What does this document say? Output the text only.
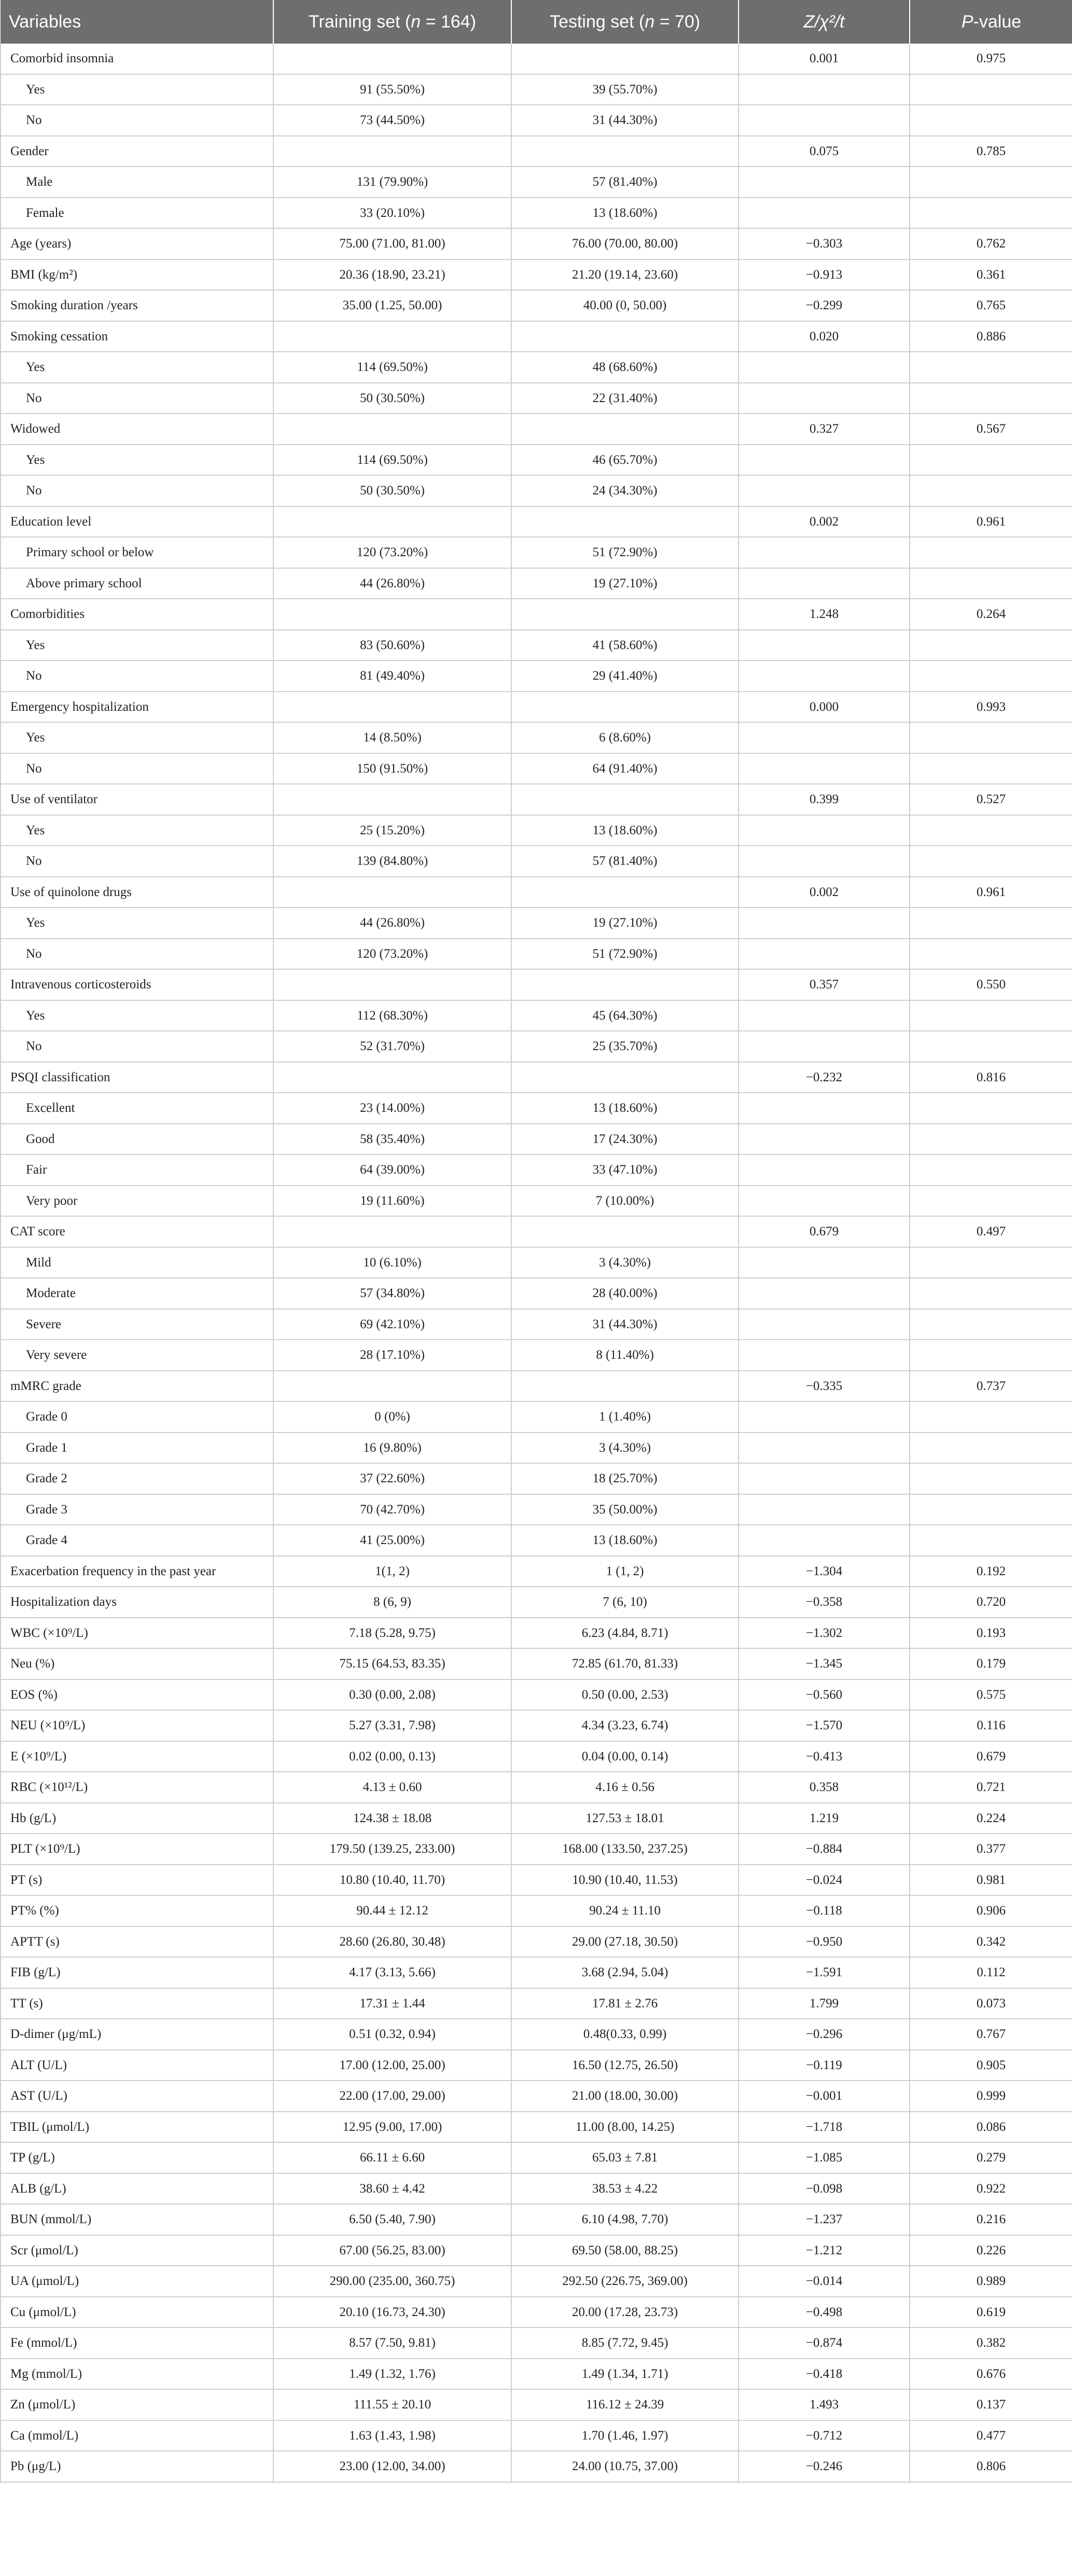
Variables	Training set (n = 164)	Testing set (n = 70)	Z/χ²/t	P-value
Comorbid insomnia			0.001	0.975
Yes	91 (55.50%)	39 (55.70%)		
No	73 (44.50%)	31 (44.30%)		
Gender			0.075	0.785
Male	131 (79.90%)	57 (81.40%)		
Female	33 (20.10%)	13 (18.60%)		
Age (years)	75.00 (71.00, 81.00)	76.00 (70.00, 80.00)	−0.303	0.762
BMI (kg/m²)	20.36 (18.90, 23.21)	21.20 (19.14, 23.60)	−0.913	0.361
Smoking duration /years	35.00 (1.25, 50.00)	40.00 (0, 50.00)	−0.299	0.765
Smoking cessation			0.020	0.886
Yes	114 (69.50%)	48 (68.60%)		
No	50 (30.50%)	22 (31.40%)		
Widowed			0.327	0.567
Yes	114 (69.50%)	46 (65.70%)		
No	50 (30.50%)	24 (34.30%)		
Education level			0.002	0.961
Primary school or below	120 (73.20%)	51 (72.90%)		
Above primary school	44 (26.80%)	19 (27.10%)		
Comorbidities			1.248	0.264
Yes	83 (50.60%)	41 (58.60%)		
No	81 (49.40%)	29 (41.40%)		
Emergency hospitalization			0.000	0.993
Yes	14 (8.50%)	6 (8.60%)		
No	150 (91.50%)	64 (91.40%)		
Use of ventilator			0.399	0.527
Yes	25 (15.20%)	13 (18.60%)		
No	139 (84.80%)	57 (81.40%)		
Use of quinolone drugs			0.002	0.961
Yes	44 (26.80%)	19 (27.10%)		
No	120 (73.20%)	51 (72.90%)		
Intravenous corticosteroids			0.357	0.550
Yes	112 (68.30%)	45 (64.30%)		
No	52 (31.70%)	25 (35.70%)		
PSQI classification			−0.232	0.816
Excellent	23 (14.00%)	13 (18.60%)		
Good	58 (35.40%)	17 (24.30%)		
Fair	64 (39.00%)	33 (47.10%)		
Very poor	19 (11.60%)	7 (10.00%)		
CAT score			0.679	0.497
Mild	10 (6.10%)	3 (4.30%)		
Moderate	57 (34.80%)	28 (40.00%)		
Severe	69 (42.10%)	31 (44.30%)		
Very severe	28 (17.10%)	8 (11.40%)		
mMRC grade			−0.335	0.737
Grade 0	0 (0%)	1 (1.40%)		
Grade 1	16 (9.80%)	3 (4.30%)		
Grade 2	37 (22.60%)	18 (25.70%)		
Grade 3	70 (42.70%)	35 (50.00%)		
Grade 4	41 (25.00%)	13 (18.60%)		
Exacerbation frequency in the past year	1(1, 2)	1 (1, 2)	−1.304	0.192
Hospitalization days	8 (6, 9)	7 (6, 10)	−0.358	0.720
WBC (×10⁹/L)	7.18 (5.28, 9.75)	6.23 (4.84, 8.71)	−1.302	0.193
Neu (%)	75.15 (64.53, 83.35)	72.85 (61.70, 81.33)	−1.345	0.179
EOS (%)	0.30 (0.00, 2.08)	0.50 (0.00, 2.53)	−0.560	0.575
NEU (×10⁹/L)	5.27 (3.31, 7.98)	4.34 (3.23, 6.74)	−1.570	0.116
E (×10⁹/L)	0.02 (0.00, 0.13)	0.04 (0.00, 0.14)	−0.413	0.679
RBC (×10¹²/L)	4.13 ± 0.60	4.16 ± 0.56	0.358	0.721
Hb (g/L)	124.38 ± 18.08	127.53 ± 18.01	1.219	0.224
PLT (×10⁹/L)	179.50 (139.25, 233.00)	168.00 (133.50, 237.25)	−0.884	0.377
PT (s)	10.80 (10.40, 11.70)	10.90 (10.40, 11.53)	−0.024	0.981
PT% (%)	90.44 ± 12.12	90.24 ± 11.10	−0.118	0.906
APTT (s)	28.60 (26.80, 30.48)	29.00 (27.18, 30.50)	−0.950	0.342
FIB (g/L)	4.17 (3.13, 5.66)	3.68 (2.94, 5.04)	−1.591	0.112
TT (s)	17.31 ± 1.44	17.81 ± 2.76	1.799	0.073
D-dimer (μg/mL)	0.51 (0.32, 0.94)	0.48(0.33, 0.99)	−0.296	0.767
ALT (U/L)	17.00 (12.00, 25.00)	16.50 (12.75, 26.50)	−0.119	0.905
AST (U/L)	22.00 (17.00, 29.00)	21.00 (18.00, 30.00)	−0.001	0.999
TBIL (μmol/L)	12.95 (9.00, 17.00)	11.00 (8.00, 14.25)	−1.718	0.086
TP (g/L)	66.11 ± 6.60	65.03 ± 7.81	−1.085	0.279
ALB (g/L)	38.60 ± 4.42	38.53 ± 4.22	−0.098	0.922
BUN (mmol/L)	6.50 (5.40, 7.90)	6.10 (4.98, 7.70)	−1.237	0.216
Scr (μmol/L)	67.00 (56.25, 83.00)	69.50 (58.00, 88.25)	−1.212	0.226
UA (μmol/L)	290.00 (235.00, 360.75)	292.50 (226.75, 369.00)	−0.014	0.989
Cu (μmol/L)	20.10 (16.73, 24.30)	20.00 (17.28, 23.73)	−0.498	0.619
Fe (mmol/L)	8.57 (7.50, 9.81)	8.85 (7.72, 9.45)	−0.874	0.382
Mg (mmol/L)	1.49 (1.32, 1.76)	1.49 (1.34, 1.71)	−0.418	0.676
Zn (μmol/L)	111.55 ± 20.10	116.12 ± 24.39	1.493	0.137
Ca (mmol/L)	1.63 (1.43, 1.98)	1.70 (1.46, 1.97)	−0.712	0.477
Pb (μg/L)	23.00 (12.00, 34.00)	24.00 (10.75, 37.00)	−0.246	0.806
